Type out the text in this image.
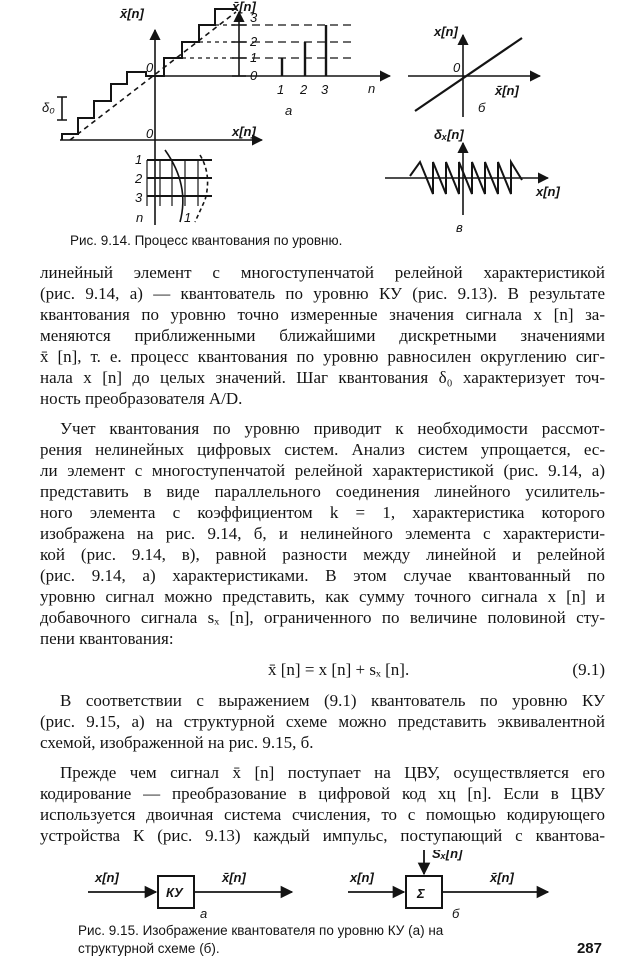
x̄[n]	x̄[n]
x[n]
n
0
0
3
2
1
0
1 2 3
a
1
2
3
n	1
δ₀
x[n]
x̄[n]
0
б
δₓ[n]
x[n]
в
Рис. 9.14. Процесс квантования по уровню.

линейный элемент с многоступенчатой релейной характеристикой

(рис. 9.14, а) — квантователь по уровню КУ (рис. 9.13). В результате

квантования по уровню точно измеренные значения сигнала x [n] за-

меняются приближенными ближайшими дискретными значениями

x̄ [n], т. е. процесс квантования по уровню равносилен округлению сиг-

нала x [n] до целых значений. Шаг квантования δ₀ характеризует точ-

ность преобразователя A/D.

Учет квантования по уровню приводит к необходимости рассмот-

рения нелинейных цифровых систем. Анализ систем упрощается, ес-

ли элемент с многоступенчатой релейной характеристикой (рис. 9.14, а)

представить в виде параллельного соединения линейного усилитель-

ного элемента с коэффициентом k = 1, характеристика которого

изображена на рис. 9.14, б, и нелинейного элемента с характеристи-

кой (рис. 9.14, в), равной разности между линейной и релейной

(рис. 9.14, а) характеристиками. В этом случае квантованный по

уровню сигнал можно представить, как сумму точного сигнала x [n] и

добавочного сигнала sₓ [n], ограниченного по величине половиной сту-

пени квантования:

x̄ [n] = x [n] + sₓ [n].	(9.1)

В соответствии с выражением (9.1) квантователь по уровню КУ

(рис. 9.15, а) на структурной схеме можно представить эквивалентной

схемой, изображенной на рис. 9.15, б.

Прежде чем сигнал x̄ [n] поступает на ЦВУ, осуществляется его

кодирование — преобразование в цифровой код xц [n]. Если в ЦВУ

используется двоичная система счисления, то с помощью кодирующего

устройства К (рис. 9.13) каждый импульс, поступающий с квантова-

x[n]
КУ
x̄[n]
а
x[n]
Σ
Sₓ[n]
x̄[n]
б
Рис. 9.15. Изображение квантователя по уровню КУ (а) на
структурной схеме (б).	287
